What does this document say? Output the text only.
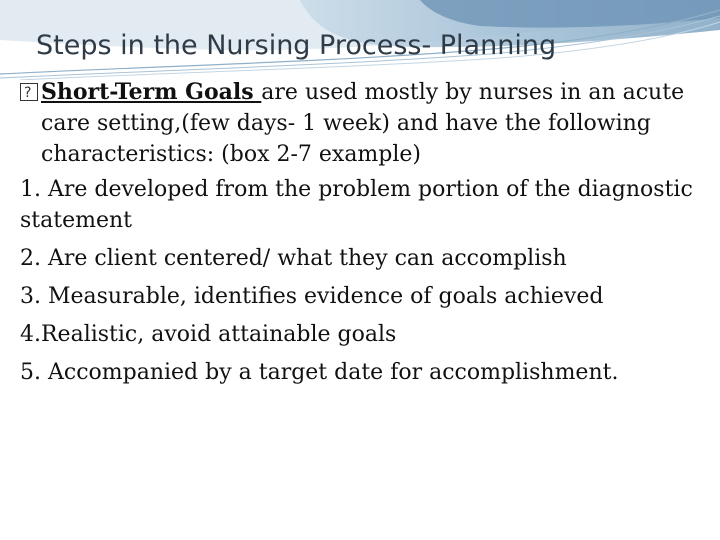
Steps in the Nursing Process- Planning
?Short-Term Goals are used mostly by nurses in an acute
care setting,(few days- 1 week) and have the following
characteristics: (box 2-7 example)
1. Are developed from the problem portion of the diagnostic statement
2. Are client centered/ what they can accomplish
3. Measurable, identifies evidence of goals achieved
4.Realistic, avoid attainable goals
5. Accompanied by a target date for accomplishment.
